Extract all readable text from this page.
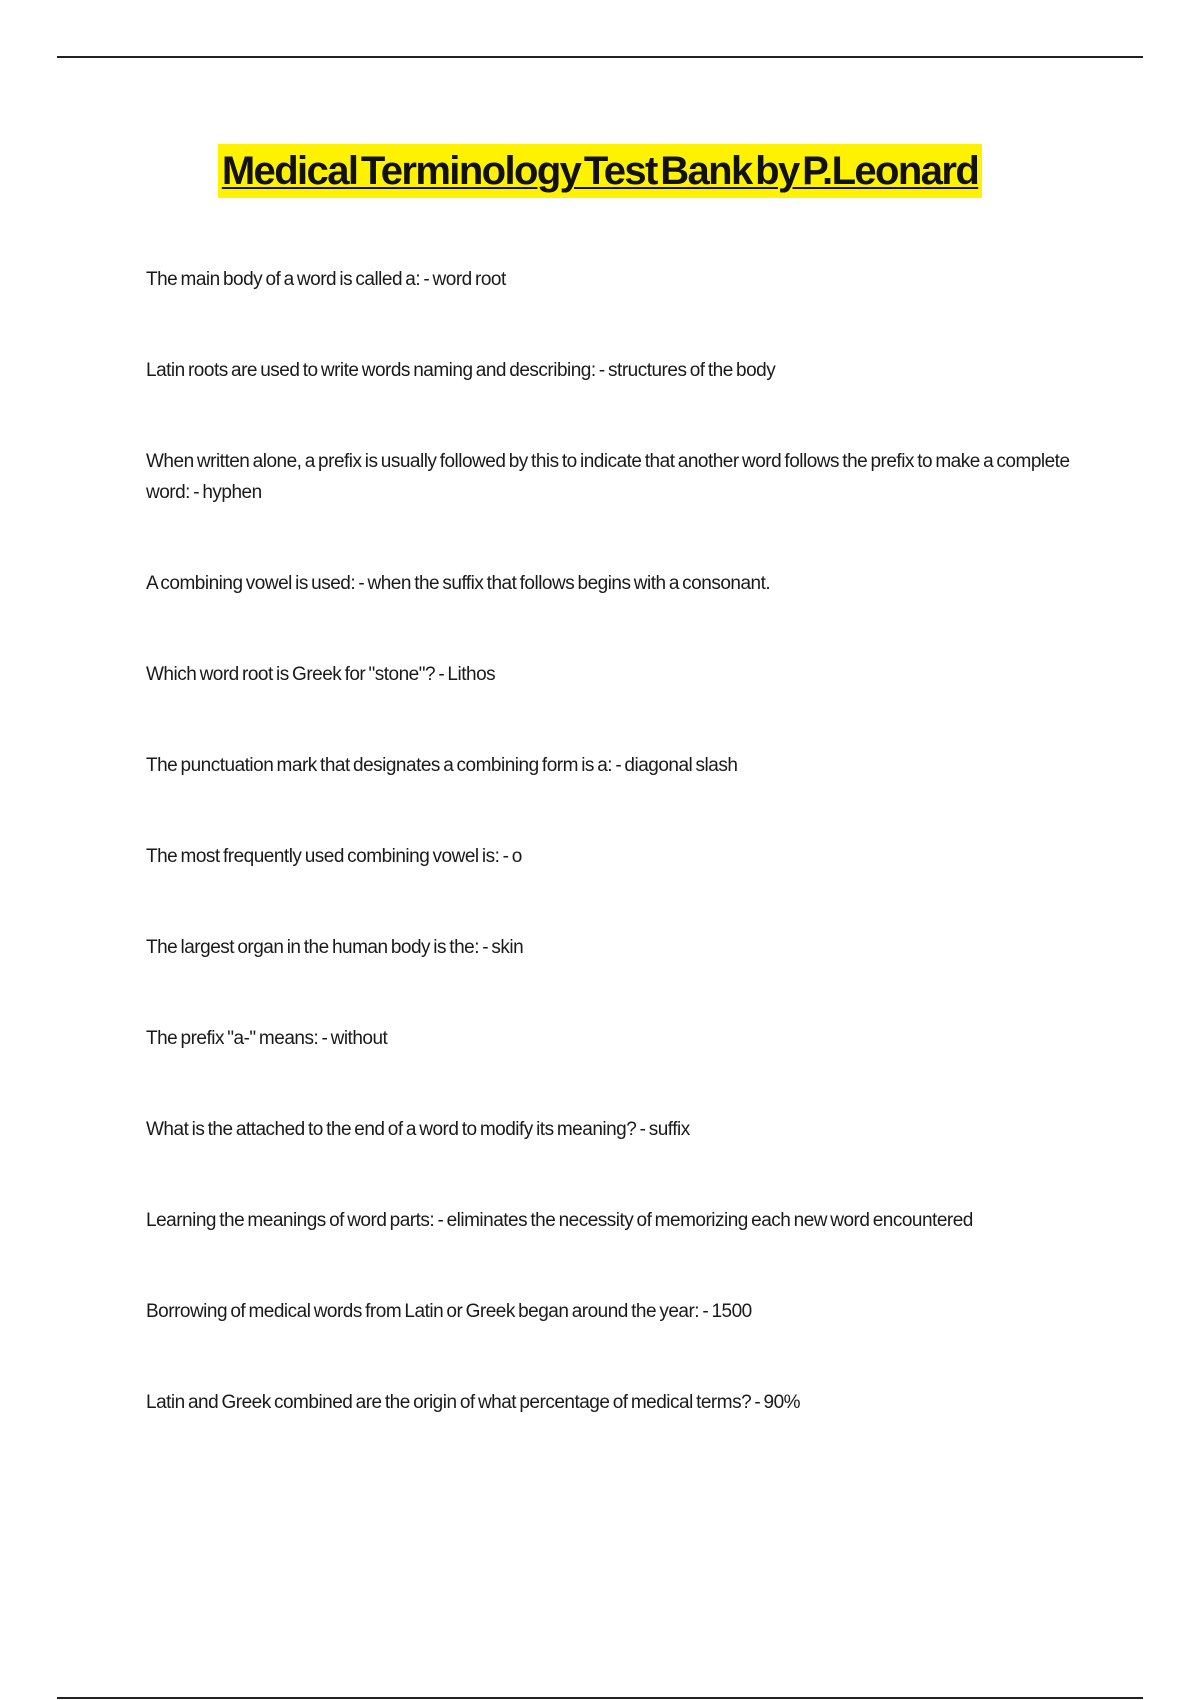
Medical Terminology Test Bank by P.Leonard
The main body of a word is called a: - word root
Latin roots are used to write words naming and describing: - structures of the body
When written alone, a prefix is usually followed by this to indicate that another word follows the prefix to make a complete word: - hyphen
A combining vowel is used: - when the suffix that follows begins with a consonant.
Which word root is Greek for "stone"? - Lithos
The punctuation mark that designates a combining form is a: - diagonal slash
The most frequently used combining vowel is: - o
The largest organ in the human body is the: - skin
The prefix "a-" means: - without
What is the attached to the end of a word to modify its meaning? - suffix
Learning the meanings of word parts: - eliminates the necessity of memorizing each new word encountered
Borrowing of medical words from Latin or Greek began around the year: - 1500
Latin and Greek combined are the origin of what percentage of medical terms? - 90%
